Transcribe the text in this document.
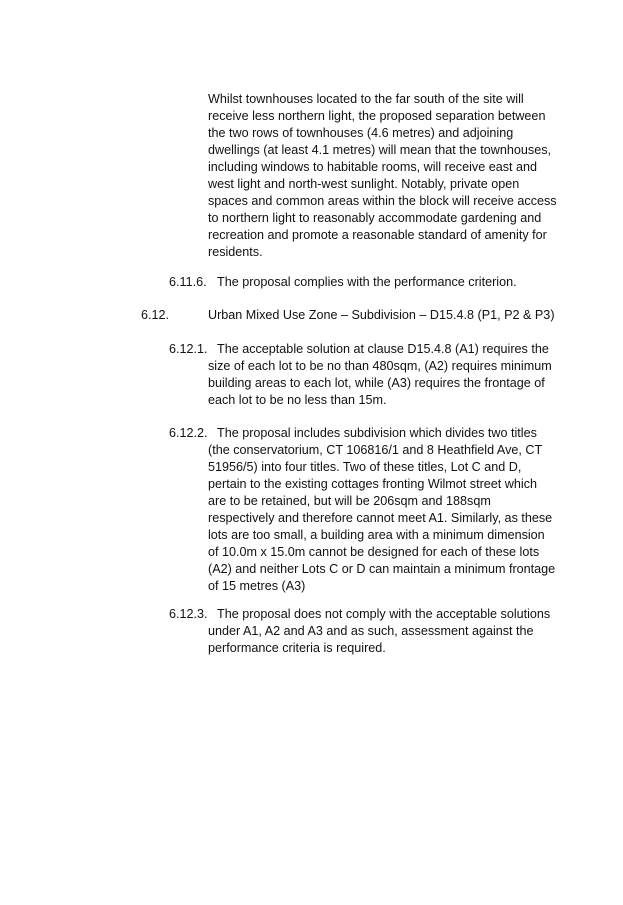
Whilst townhouses located to the far south of the site will
receive less northern light, the proposed separation between
the two rows of townhouses (4.6 metres) and adjoining
dwellings (at least 4.1 metres) will mean that the townhouses,
including windows to habitable rooms, will receive east and
west light and north-west sunlight. Notably, private open
spaces and common areas within the block will receive access
to northern light to reasonably accommodate gardening and
recreation and promote a reasonable standard of amenity for
residents.
6.11.6. The proposal complies with the performance criterion.
6.12.	Urban Mixed Use Zone – Subdivision – D15.4.8 (P1, P2 & P3)
6.12.1. The acceptable solution at clause D15.4.8 (A1) requires the
size of each lot to be no than 480sqm, (A2) requires minimum
building areas to each lot, while (A3) requires the frontage of
each lot to be no less than 15m.
6.12.2. The proposal includes subdivision which divides two titles
(the conservatorium, CT 106816/1 and 8 Heathfield Ave, CT
51956/5) into four titles. Two of these titles, Lot C and D,
pertain to the existing cottages fronting Wilmot street which
are to be retained, but will be 206sqm and 188sqm
respectively and therefore cannot meet A1. Similarly, as these
lots are too small, a building area with a minimum dimension
of 10.0m x 15.0m cannot be designed for each of these lots
(A2) and neither Lots C or D can maintain a minimum frontage
of 15 metres (A3)
6.12.3. The proposal does not comply with the acceptable solutions
under A1, A2 and A3 and as such, assessment against the
performance criteria is required.
